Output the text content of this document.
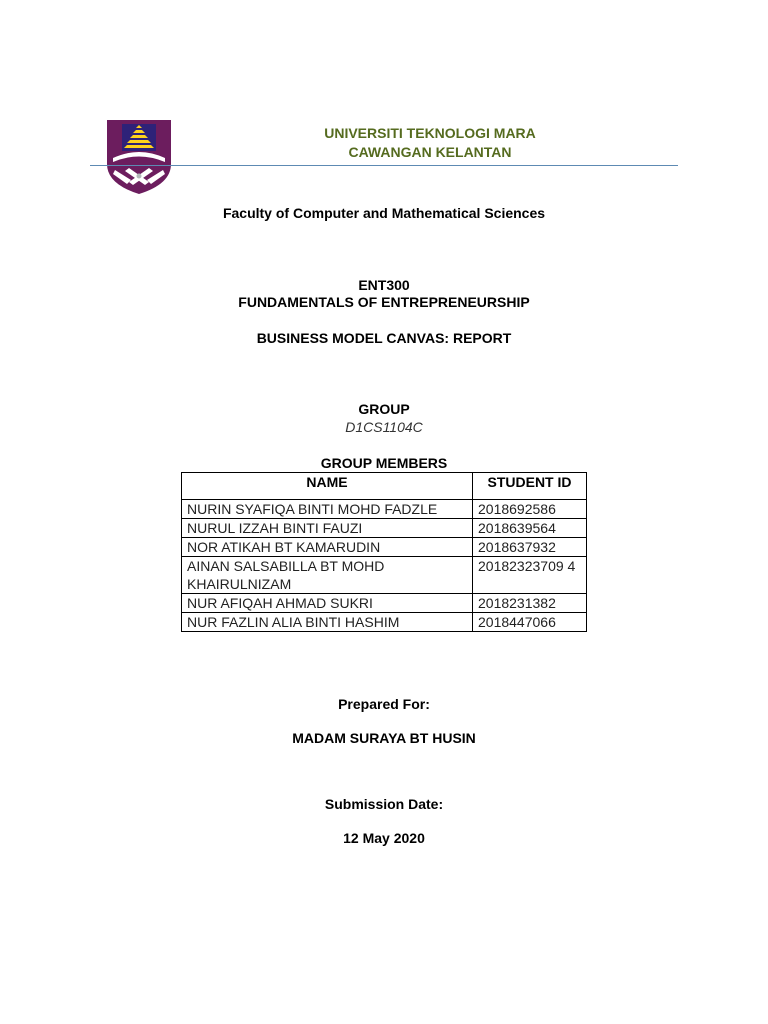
UNIVERSITI TEKNOLOGI MARA
CAWANGAN KELANTAN
Faculty of Computer and Mathematical Sciences
ENT300
FUNDAMENTALS OF ENTREPRENEURSHIP
BUSINESS MODEL CANVAS: REPORT
GROUP
D1CS1104C
GROUP MEMBERS
NAME	STUDENT ID
NURIN SYAFIQA BINTI MOHD FADZLE	2018692586
NURUL IZZAH BINTI FAUZI	2018639564
NOR ATIKAH BT KAMARUDIN	2018637932
AINAN SALSABILLA BT MOHD KHAIRULNIZAM	20182323709 4
NUR AFIQAH AHMAD SUKRI	2018231382
NUR FAZLIN ALIA BINTI HASHIM	2018447066
Prepared For:
MADAM SURAYA BT HUSIN
Submission Date:
12 May 2020
